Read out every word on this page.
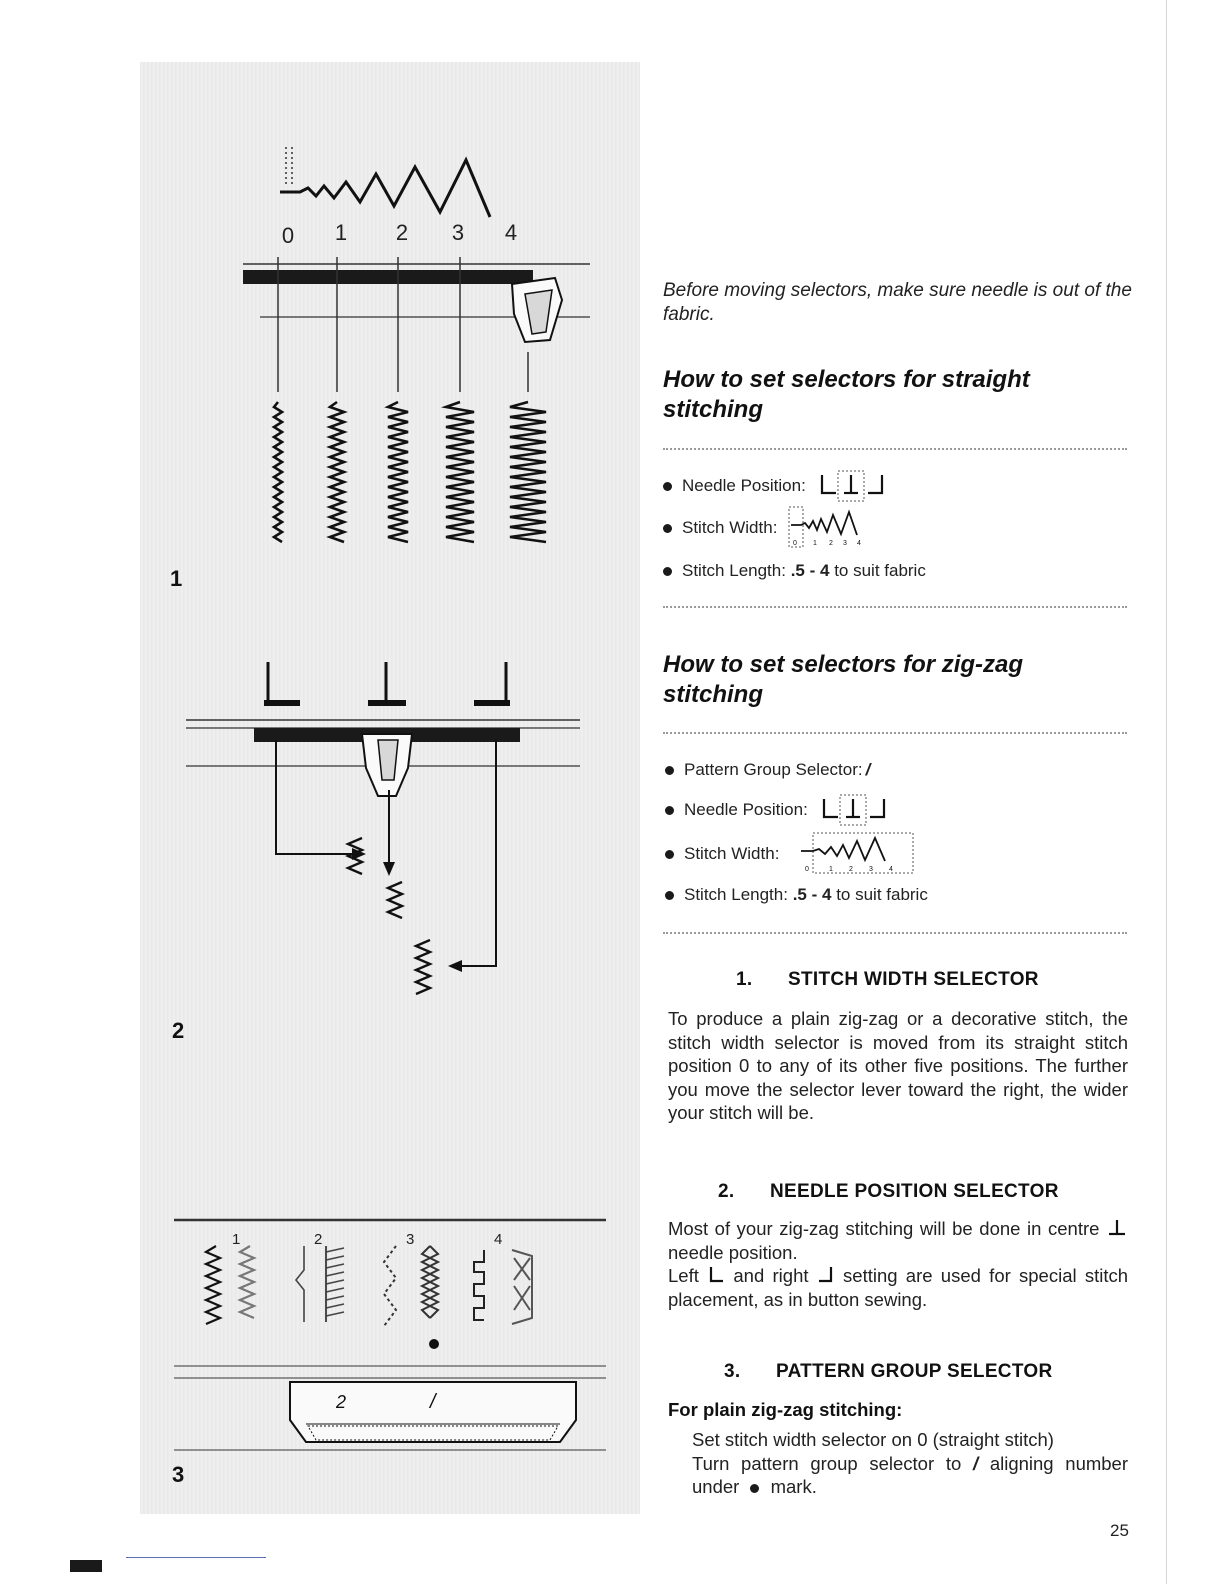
0 1 2 3 4
1
2
1	2	3	4
2	/
3
Before moving selectors, make sure needle is out of the fabric.
How to set selectors for straight stitching
Needle Position:
Stitch Width:
0 1 2 3 4
Stitch Length:
.5 - 4
to suit fabric
How to set selectors for zig-zag stitching
Pattern Group Selector: /
Needle Position:
Stitch Width:
0	1 2 3 4
Stitch Length:
.5 - 4
to suit fabric
1. STITCH WIDTH SELECTOR
To produce a plain zig-zag or a decorative stitch, the stitch width selector is moved from its straight stitch position 0 to any of its other five positions. The further you move the selector lever toward the right, the wider your stitch will be.
2. NEEDLE POSITION SELECTOR
Most of your zig-zag stitching will be done in centre  needle position.
Left and right setting are used for special stitch placement, as in button sewing.
3. PATTERN GROUP SELECTOR
For plain zig-zag stitching:
Set stitch width selector on 0 (straight stitch)
Turn pattern group selector to / aligning number under mark.
25
